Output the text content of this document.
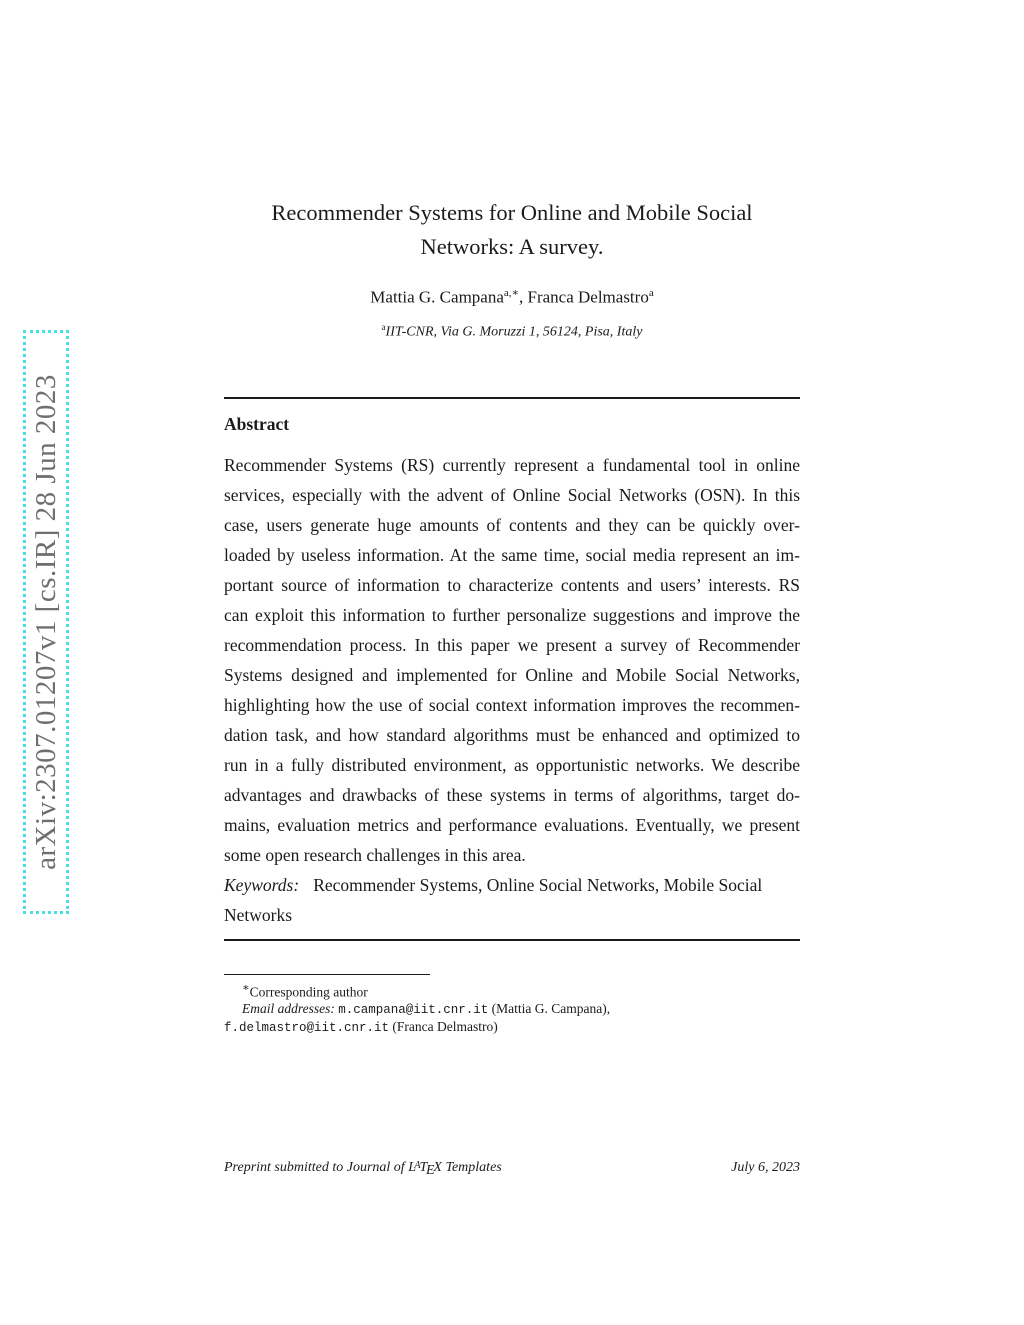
arXiv:2307.01207v1 [cs.IR] 28 Jun 2023
Recommender Systems for Online and Mobile Social
Networks: A survey.
Mattia G. Campana$^{a,∗}$, Franca Delmastro$^a$
$^a$IIT-CNR, Via G. Moruzzi 1, 56124, Pisa, Italy
Abstract
Recommender Systems (RS) currently represent a fundamental tool in online
services, especially with the advent of Online Social Networks (OSN). In this
case, users generate huge amounts of contents and they can be quickly over-
loaded by useless information. At the same time, social media represent an im-
portant source of information to characterize contents and users’ interests. RS
can exploit this information to further personalize suggestions and improve the
recommendation process. In this paper we present a survey of Recommender
Systems designed and implemented for Online and Mobile Social Networks,
highlighting how the use of social context information improves the recommen-
dation task, and how standard algorithms must be enhanced and optimized to
run in a fully distributed environment, as opportunistic networks. We describe
advantages and drawbacks of these systems in terms of algorithms, target do-
mains, evaluation metrics and performance evaluations. Eventually, we present
some open research challenges in this area.
Keywords: Recommender Systems, Online Social Networks, Mobile Social
Networks
∗Corresponding author
Email addresses: m.campana@iit.cnr.it (Mattia G. Campana),
f.delmastro@iit.cnr.it (Franca Delmastro)
Preprint submitted to Journal of $L^ATEX$ Templates	July 6, 2023
